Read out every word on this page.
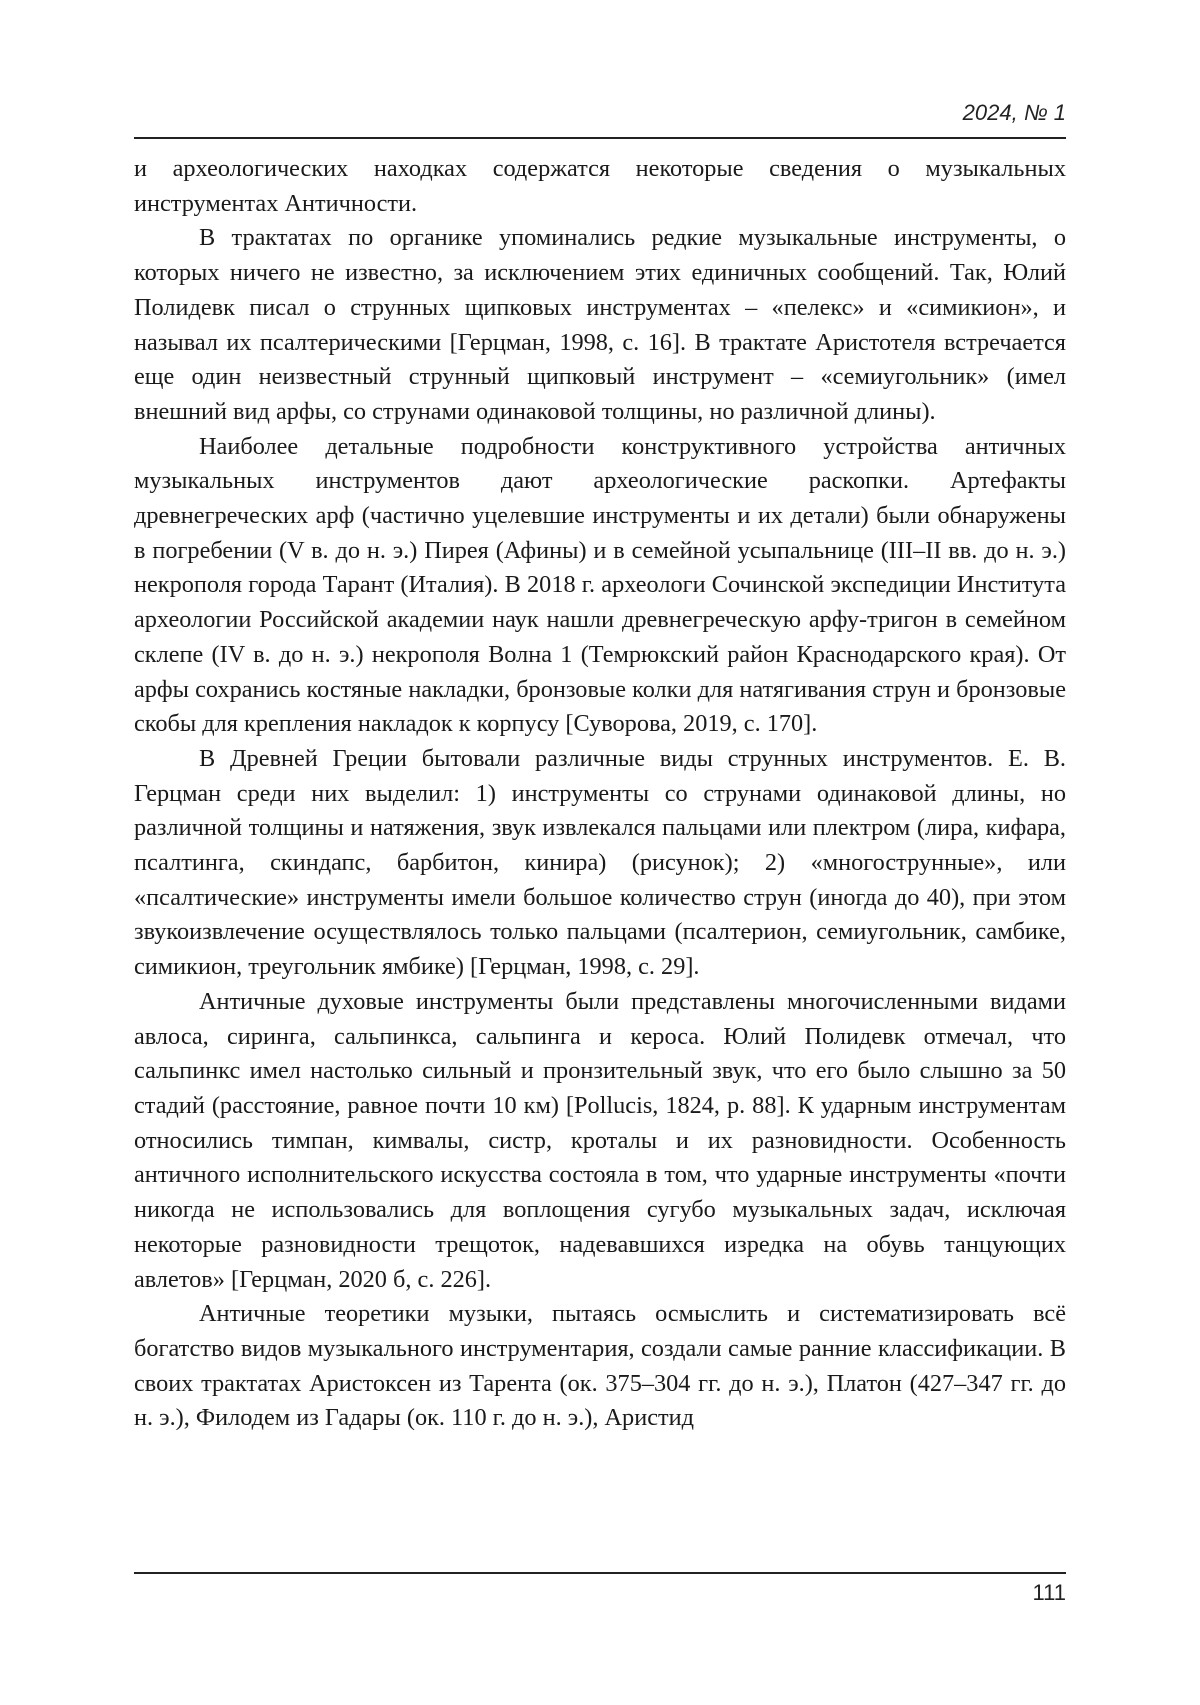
2024, № 1

и археологических находках содержатся некоторые сведения о музыкальных инструментах Античности.

В трактатах по органике упоминались редкие музыкальные инструменты, о которых ничего не известно, за исключением этих единичных сообщений. Так, Юлий Полидевк писал о струнных щипковых инструментах – «пелекс» и «симикион», и называл их псалтерическими [Герцман, 1998, с. 16]. В трактате Аристотеля встречается еще один неизвестный струнный щипковый инструмент – «семиугольник» (имел внешний вид арфы, со струнами одинаковой толщины, но различной длины).

Наиболее детальные подробности конструктивного устройства античных музыкальных инструментов дают археологические раскопки. Артефакты древнегреческих арф (частично уцелевшие инструменты и их детали) были обнаружены в погребении (V в. до н. э.) Пирея (Афины) и в семейной усыпальнице (III–II вв. до н. э.) некрополя города Тарант (Италия). В 2018 г. археологи Сочинской экспедиции Института археологии Российской академии наук нашли древнегреческую арфу-тригон в семейном склепе (IV в. до н. э.) некрополя Волна 1 (Темрюкский район Краснодарского края). От арфы сохранись костяные накладки, бронзовые колки для натягивания струн и бронзовые скобы для крепления накладок к корпусу [Суворова, 2019, с. 170].

В Древней Греции бытовали различные виды струнных инструментов. Е. В. Герцман среди них выделил: 1) инструменты со струнами одинаковой длины, но различной толщины и натяжения, звук извлекался пальцами или плектром (лира, кифара, псалтинга, скиндапс, барбитон, кинира) (рисунок); 2) «многострунные», или «псалтические» инструменты имели большое количество струн (иногда до 40), при этом звукоизвлечение осуществлялось только пальцами (псалтерион, семиугольник, самбике, симикион, треугольник ямбике) [Герцман, 1998, с. 29].

Античные духовые инструменты были представлены многочисленными видами авлоса, сиринга, сальпинкса, сальпинга и кероса. Юлий Полидевк отмечал, что сальпинкс имел настолько сильный и пронзительный звук, что его было слышно за 50 стадий (расстояние, равное почти 10 км) [Pollucis, 1824, p. 88]. К ударным инструментам относились тимпан, кимвалы, систр, кроталы и их разновидности. Особенность античного исполнительского искусства состояла в том, что ударные инструменты «почти никогда не использовались для воплощения сугубо музыкальных задач, исключая некоторые разновидности трещоток, надевавшихся изредка на обувь танцующих авлетов» [Герцман, 2020 б, с. 226].

Античные теоретики музыки, пытаясь осмыслить и систематизировать всё богатство видов музыкального инструментария, создали самые ранние классификации. В своих трактатах Аристоксен из Тарента (ок. 375–304 гг. до н. э.), Платон (427–347 гг. до н. э.), Филодем из Гадары (ок. 110 г. до н. э.), Аристид

111
